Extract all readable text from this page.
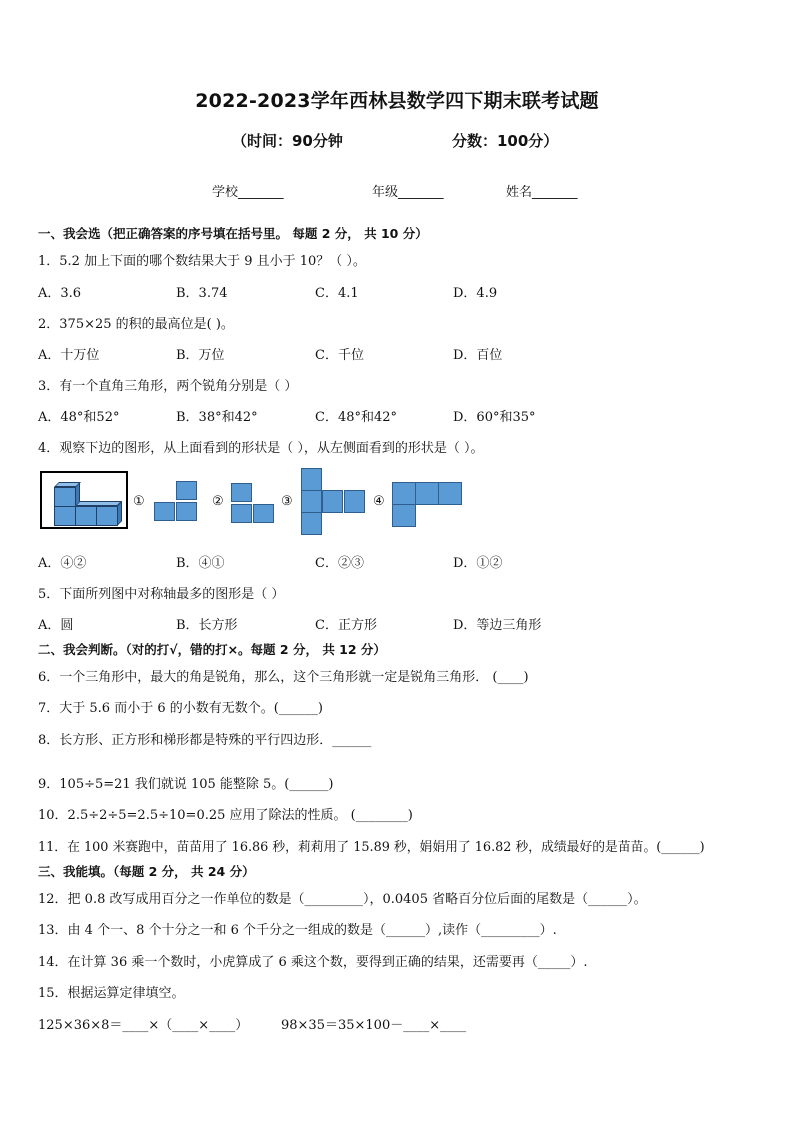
2022-2023学年西林县数学四下期末联考试题
（时间：90分钟	分数：100分）
学校_______	年级_______	姓名_______
一、我会选（把正确答案的序号填在括号里。 每题 2 分， 共 10 分）
1．5.2 加上下面的哪个数结果大于 9 且小于 10？（ ）。
A．3.6	B．3.74	C．4.1	D．4.9
2．375×25 的积的最高位是( )。
A．十万位	B．万位	C．千位	D．百位
3．有一个直角三角形，两个锐角分别是（ ）
A．48°和52°	B．38°和42°	C．48°和42°	D．60°和35°
4．观察下边的图形，从上面看到的形状是（ ），从左侧面看到的形状是（ ）。
①	②	③	④
A．④②	B．④①	C．②③	D．①②
5．下面所列图中对称轴最多的图形是（ ）
A．圆	B．长方形	C．正方形	D．等边三角形
二、我会判断。（对的打√，错的打×。每题 2 分， 共 12 分）
6．一个三角形中，最大的角是锐角，那么，这个三角形就一定是锐角三角形． (____)
7．大于 5.6 而小于 6 的小数有无数个。(______)
8．长方形、正方形和梯形都是特殊的平行四边形．______
9．105÷5=21 我们就说 105 能整除 5。(______)
10．2.5÷2÷5=2.5÷10=0.25 应用了除法的性质。 (________)
11．在 100 米赛跑中，苗苗用了 16.86 秒，莉莉用了 15.89 秒，娟娟用了 16.82 秒，成绩最好的是苗苗。(______)
三、我能填。（每题 2 分， 共 24 分）
12．把 0.8 改写成用百分之一作单位的数是（_________），0.0405 省略百分位后面的尾数是（______）。
13．由 4 个一、8 个十分之一和 6 个千分之一组成的数是（______）,读作（_________）.
14．在计算 36 乘一个数时，小虎算成了 6 乘这个数，要得到正确的结果，还需要再（_____）.
15．根据运算定律填空。
125×36×8＝____×（____×____）	98×35＝35×100－____×____
